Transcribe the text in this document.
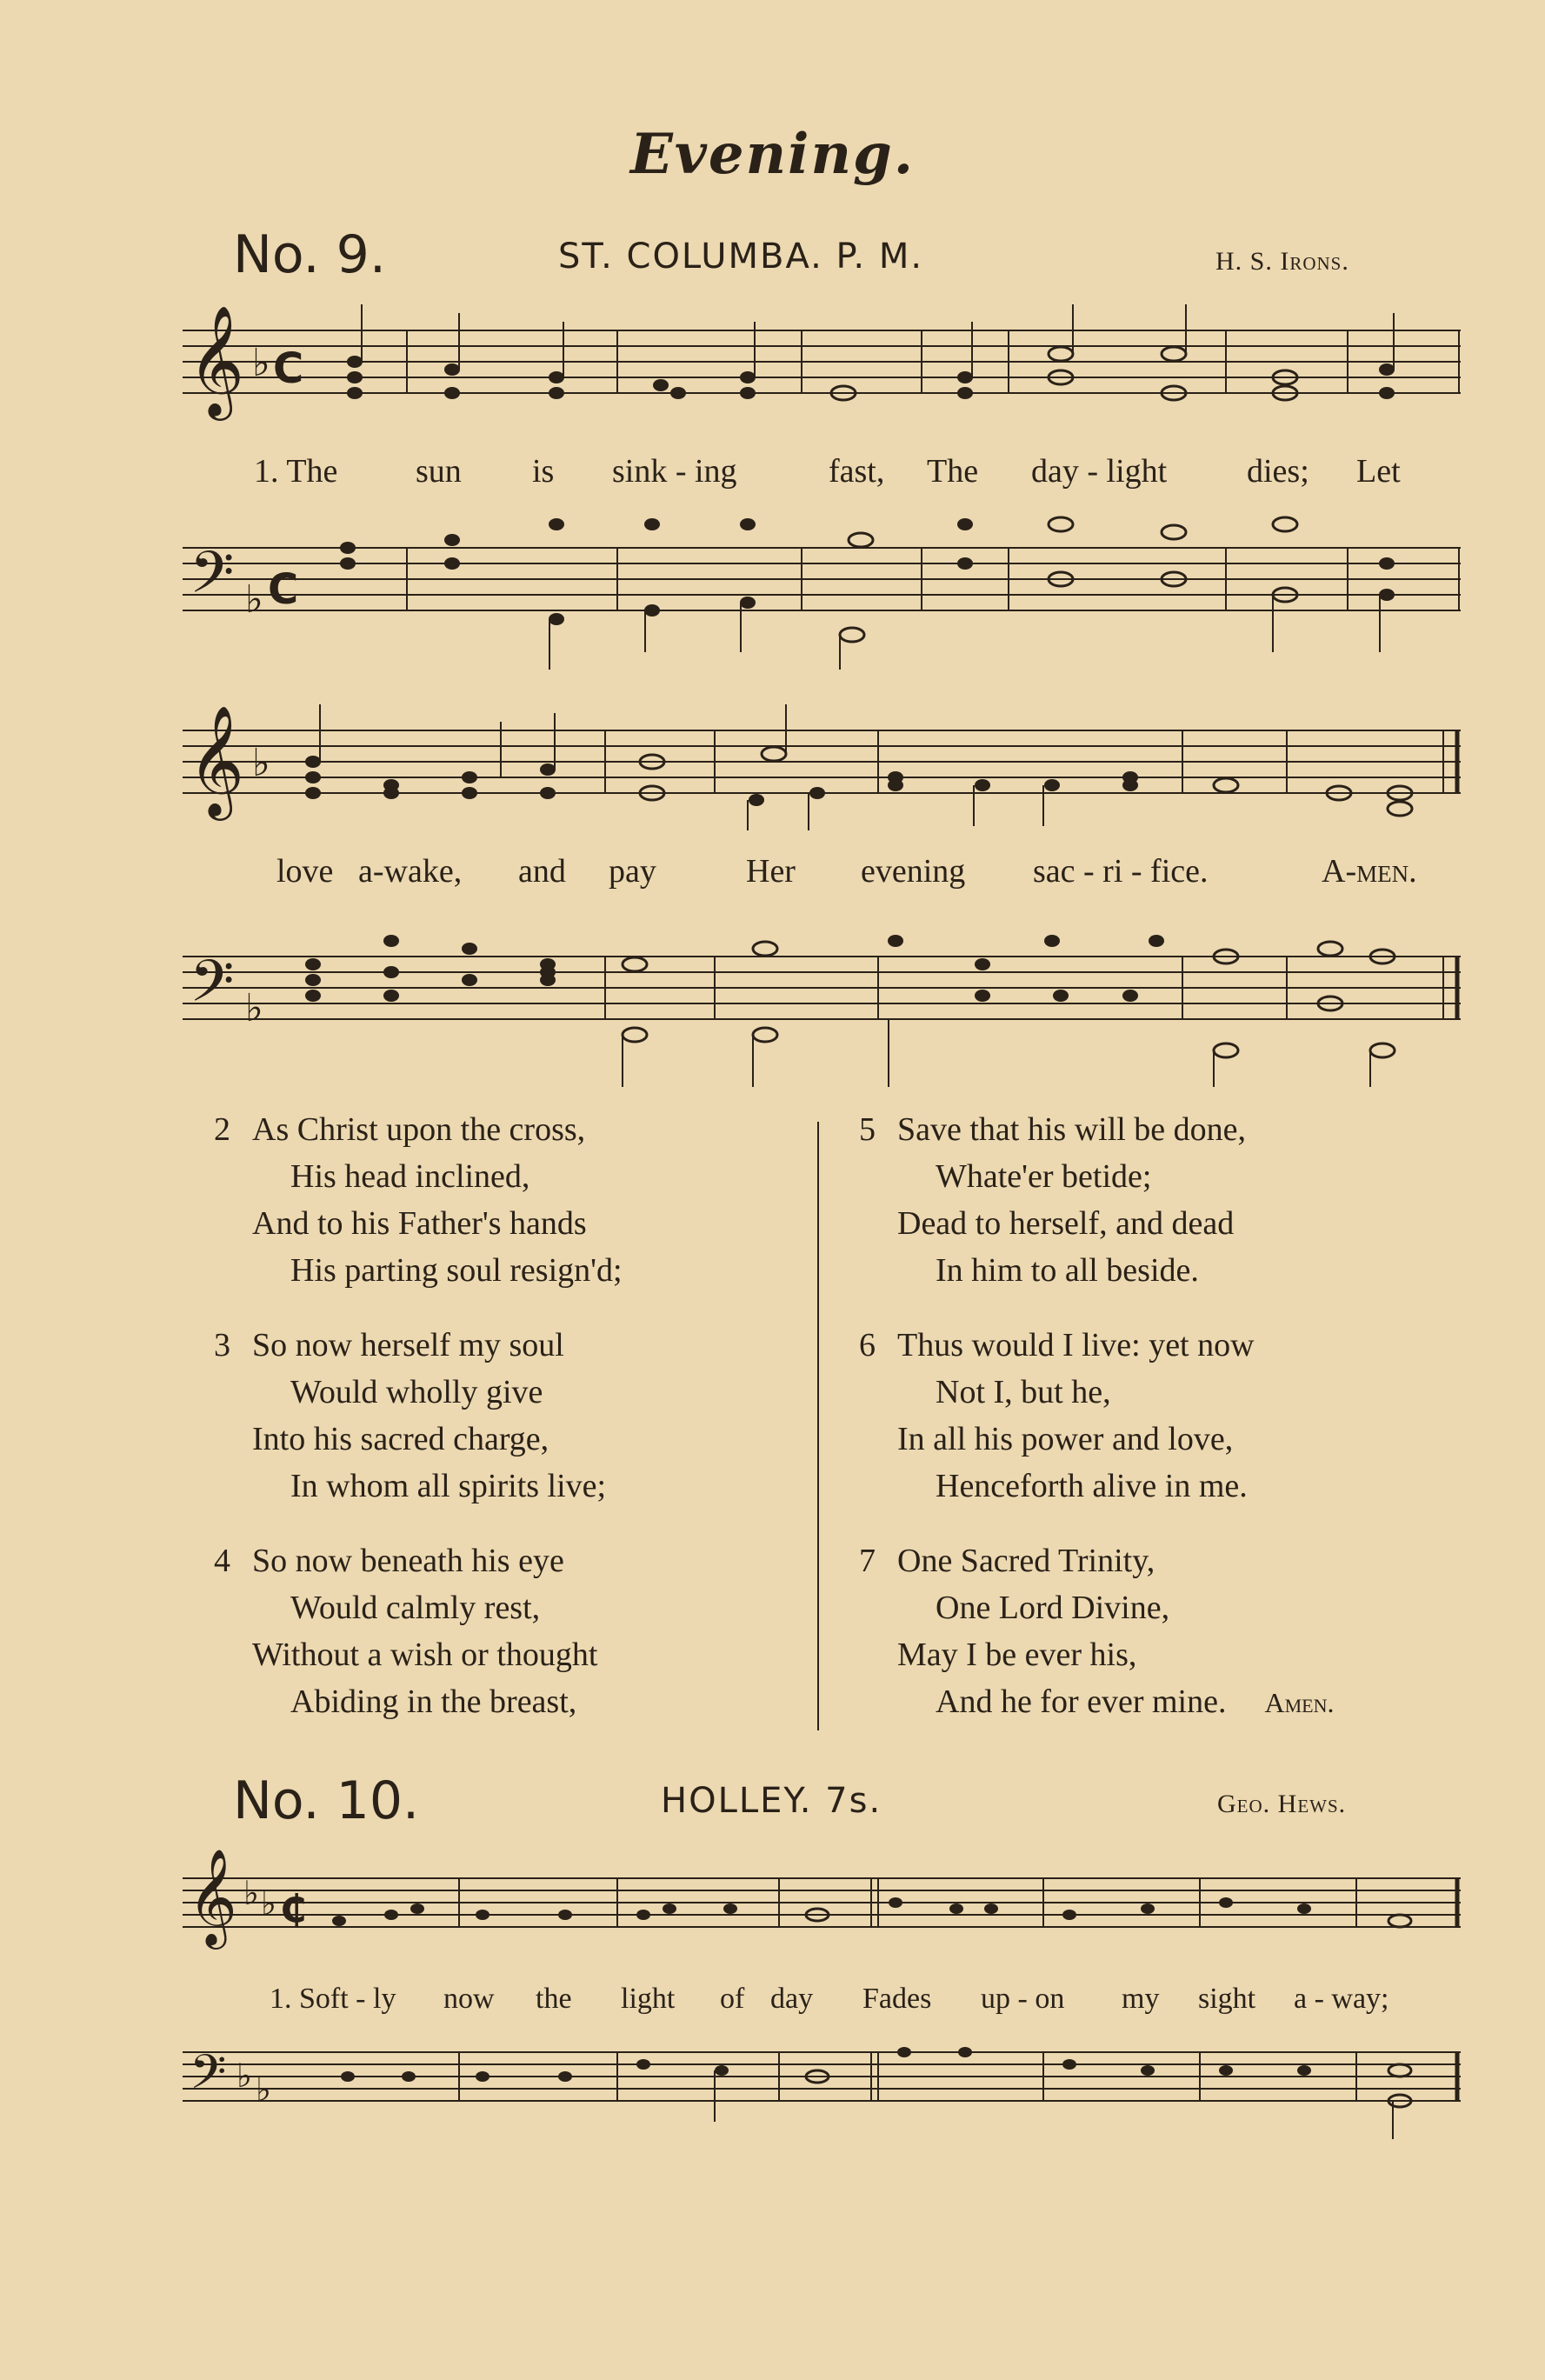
Evening.
No. 9.	ST. COLUMBA. P. M.	H. S. Irons.
𝄞 ♭ C
1. The sun is sink - ing	fast, The day - light dies; Let
𝄢 ♭ C
𝄞 ♭
love a-wake, and pay	Her evening sac - ri - fice.	A-men.
𝄢 ♭
2 As Christ upon the cross,
His head inclined,
And to his Father's hands
His parting soul resign'd;
3 So now herself my soul
Would wholly give
Into his sacred charge,
In whom all spirits live;
4 So now beneath his eye
Would calmly rest,
Without a wish or thought
Abiding in the breast,
5 Save that his will be done,
Whate'er betide;
Dead to herself, and dead
In him to all beside.
6 Thus would I live: yet now
Not I, but he,
In all his power and love,
Henceforth alive in me.
7 One Sacred Trinity,
One Lord Divine,
May I be ever his,
And he for ever mine. Amen.
No. 10.	HOLLEY. 7s.	Geo. Hews.
𝄞 ♭ ♭ ₵
1. Soft - ly now the light of day Fades up - on my sight a - way;
𝄢 ♭ ♭
